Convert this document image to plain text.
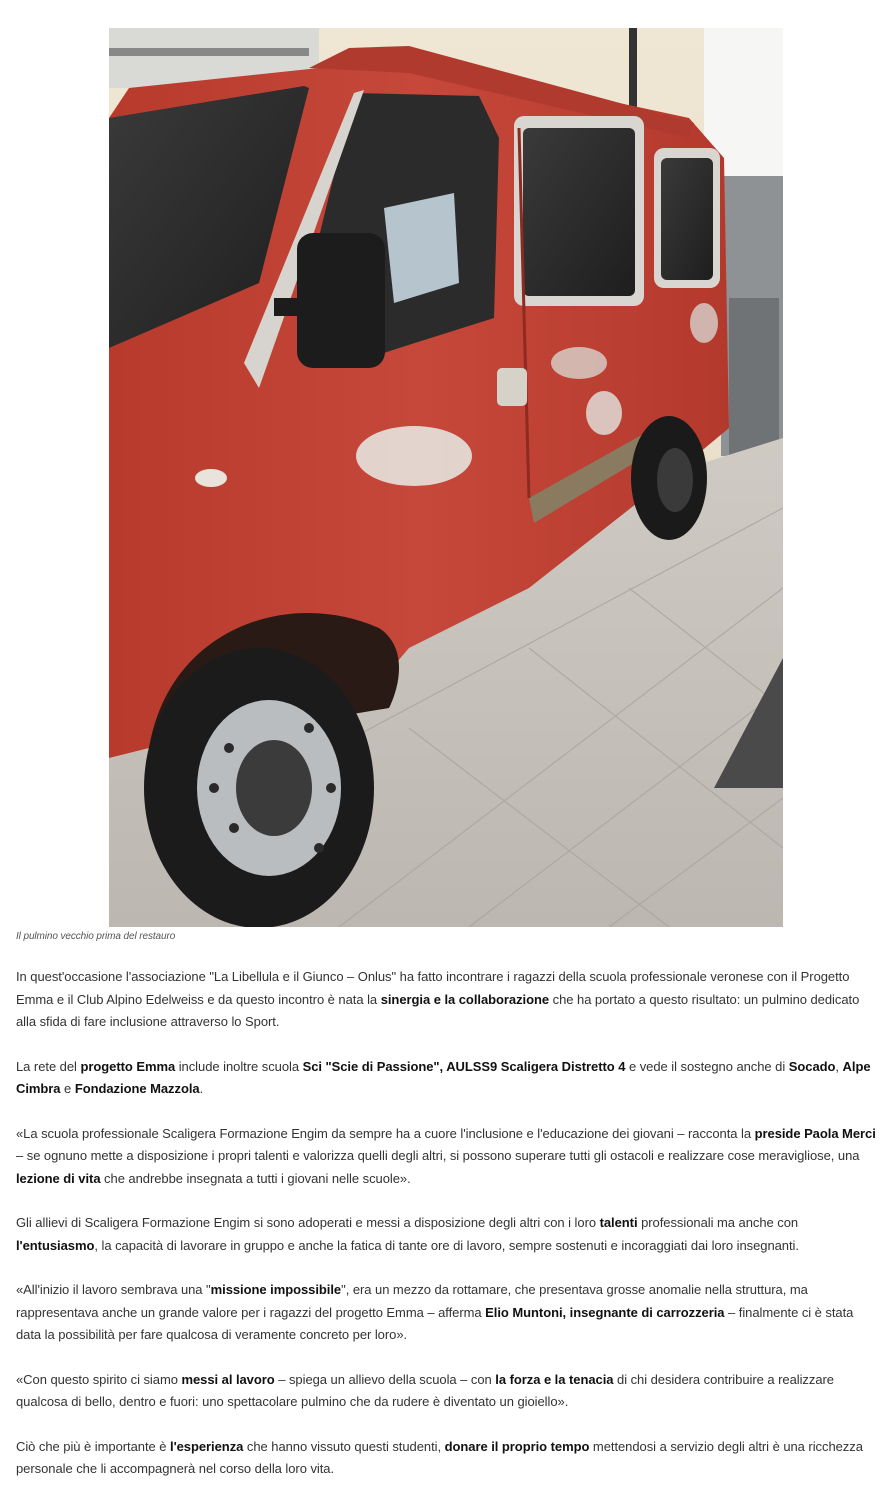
Il pulmino vecchio prima del restauro

In quest'occasione l'associazione "La Libellula e il Giunco – Onlus" ha fatto incontrare i ragazzi della scuola professionale veronese con il Progetto Emma e il Club Alpino Edelweiss e da questo incontro è nata la sinergia e la collaborazione che ha portato a questo risultato: un pulmino dedicato alla sfida di fare inclusione attraverso lo Sport.

La rete del progetto Emma include inoltre scuola Sci "Scie di Passione", AULSS9 Scaligera Distretto 4 e vede il sostegno anche di Socado, Alpe Cimbra e Fondazione Mazzola.

«La scuola professionale Scaligera Formazione Engim da sempre ha a cuore l'inclusione e l'educazione dei giovani – racconta la preside Paola Merci – se ognuno mette a disposizione i propri talenti e valorizza quelli degli altri, si possono superare tutti gli ostacoli e realizzare cose meravigliose, una lezione di vita che andrebbe insegnata a tutti i giovani nelle scuole».

Gli allievi di Scaligera Formazione Engim si sono adoperati e messi a disposizione degli altri con i loro talenti professionali ma anche con l'entusiasmo, la capacità di lavorare in gruppo e anche la fatica di tante ore di lavoro, sempre sostenuti e incoraggiati dai loro insegnanti.

«All'inizio il lavoro sembrava una "missione impossibile", era un mezzo da rottamare, che presentava grosse anomalie nella struttura, ma rappresentava anche un grande valore per i ragazzi del progetto Emma – afferma Elio Muntoni, insegnante di carrozzeria – finalmente ci è stata data la possibilità per fare qualcosa di veramente concreto per loro».

«Con questo spirito ci siamo messi al lavoro – spiega un allievo della scuola – con la forza e la tenacia di chi desidera contribuire a realizzare qualcosa di bello, dentro e fuori: uno spettacolare pulmino che da rudere è diventato un gioiello».

Ciò che più è importante è l'esperienza che hanno vissuto questi studenti, donare il proprio tempo mettendosi a servizio degli altri è una ricchezza personale che li accompagnerà nel corso della loro vita.
